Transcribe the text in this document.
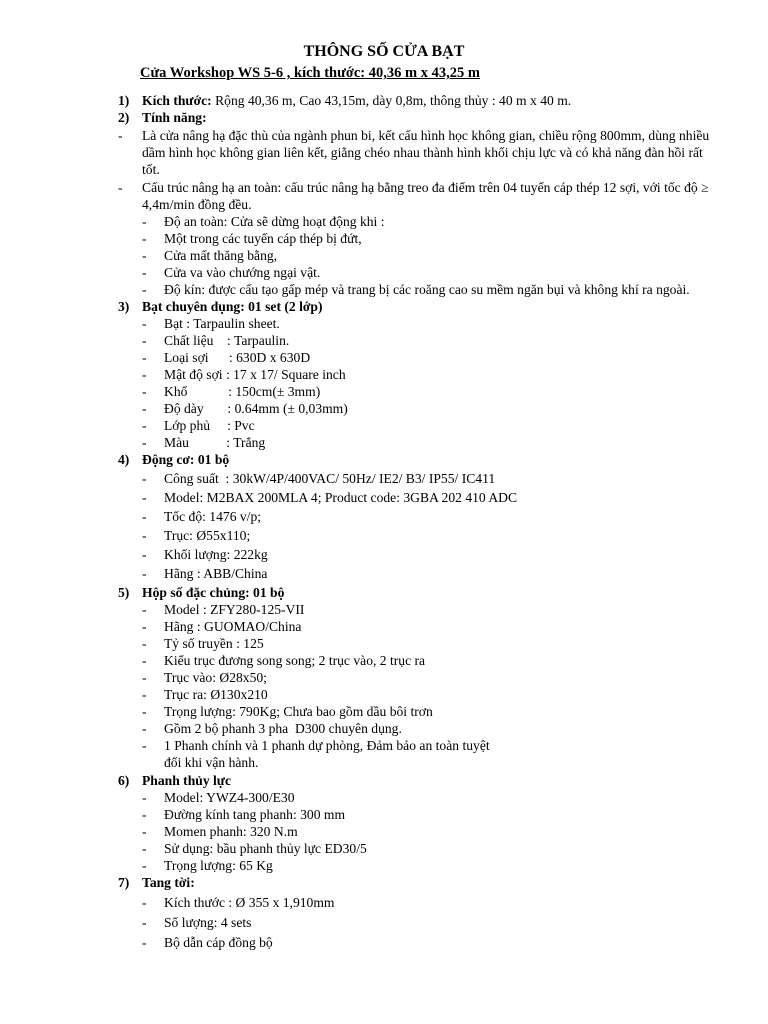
THÔNG SỐ CỬA BẠT
Cửa Workshop WS 5-6 , kích thước: 40,36 m x 43,25 m
1) Kích thước: Rộng 40,36 m, Cao 43,15m, dày 0,8m, thông thủy : 40 m x 40 m.
2) Tính năng:
- Là cửa nâng hạ đặc thù của ngành phun bi, kết cấu hình học không gian, chiều rộng 800mm, dùng nhiều dầm hình học không gian liên kết, giằng chéo nhau thành hình khối chịu lực và có khả năng đàn hồi rất tốt.
- Cấu trúc nâng hạ an toàn: cấu trúc nâng hạ bằng treo đa điểm trên 04 tuyến cáp thép 12 sợi, với tốc độ ≥ 4,4m/min đồng đều.
- Độ an toàn: Cửa sẽ dừng hoạt động khi :
- Một trong các tuyến cáp thép bị đứt,
- Cửa mất thăng bằng,
- Cửa va vào chướng ngại vật.
- Độ kín: được cấu tạo gấp mép và trang bị các roăng cao su mềm ngăn bụi và không khí ra ngoài.
3) Bạt chuyên dụng: 01 set (2 lớp)
- Bạt : Tarpaulin sheet.
- Chất liệu    : Tarpaulin.
- Loại sợi      : 630D x 630D
- Mật độ sợi : 17 x 17/ Square inch
- Khổ            : 150cm(± 3mm)
- Độ dày       : 0.64mm (± 0,03mm)
- Lớp phủ     : Pvc
- Màu           : Trắng
4) Động cơ: 01 bộ
- Công suất  : 30kW/4P/400VAC/ 50Hz/ IE2/ B3/ IP55/ IC411
- Model: M2BAX 200MLA 4; Product code: 3GBA 202 410 ADC
- Tốc độ: 1476 v/p;
- Trục: Ø55x110;
- Khối lượng: 222kg
- Hãng : ABB/China
5) Hộp số đặc chủng: 01 bộ
- Model : ZFY280-125-VII
- Hãng : GUOMAO/China
- Tỷ số truyền : 125
- Kiểu trục đương song song; 2 trục vào, 2 trục ra
- Trục vào: Ø28x50;
- Trục ra: Ø130x210
- Trọng lượng: 790Kg; Chưa bao gồm dầu bôi trơn
- Gồm 2 bộ phanh 3 pha  D300 chuyên dụng.
- 1 Phanh chính và 1 phanh dự phòng, Đảm bảo an toàn tuyệt đối khi vận hành.
6) Phanh thủy lực
- Model: YWZ4-300/E30
- Đường kính tang phanh: 300 mm
- Momen phanh: 320 N.m
- Sử dụng: bầu phanh thủy lực ED30/5
- Trọng lượng: 65 Kg
7) Tang tời:
- Kích thước : Ø 355 x 1,910mm
- Số lượng: 4 sets
- Bộ dẫn cáp đồng bộ
